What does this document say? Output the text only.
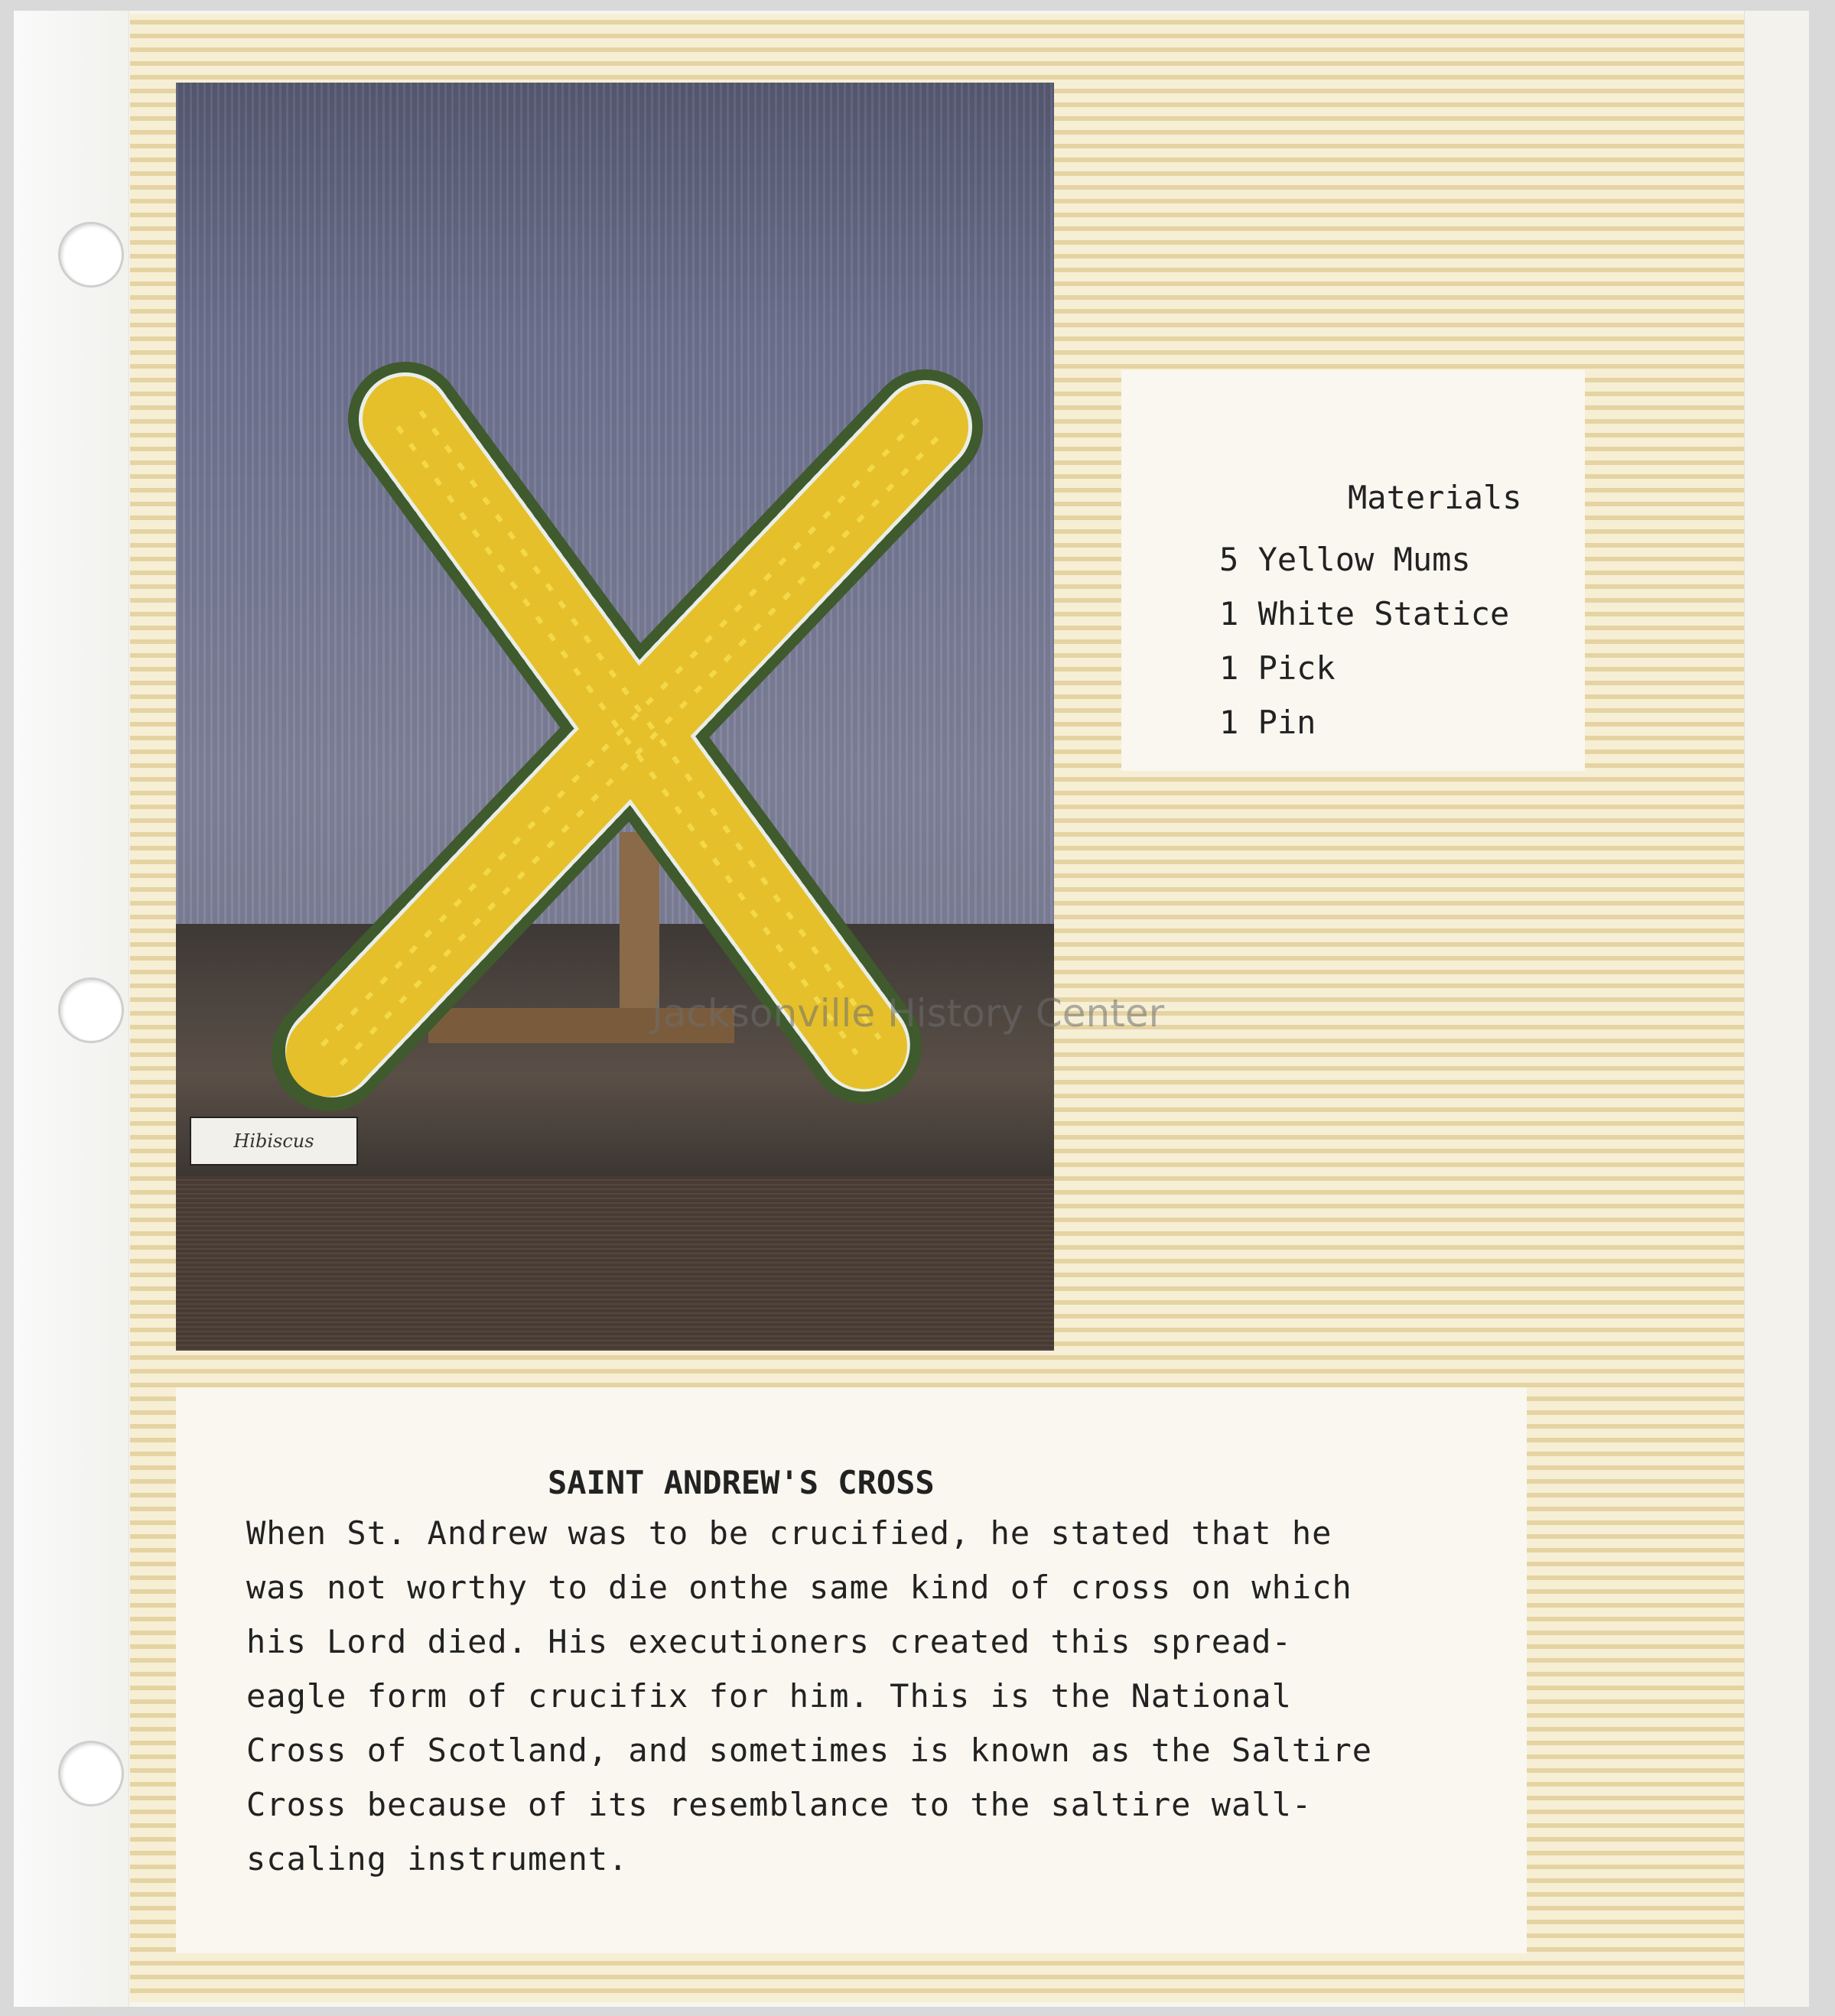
Hibiscus
Jacksonville History Center
Materials
5 Yellow Mums
1 White Statice
1 Pick
1 Pin
SAINT ANDREW'S CROSS
When St. Andrew was to be crucified, he stated that he
was not worthy to die onthe same kind of cross on which
his Lord died. His executioners created this spread-
eagle form of crucifix for him. This is the National
Cross of Scotland, and sometimes is known as the Saltire
Cross because of its resemblance to the saltire wall-
scaling instrument.
